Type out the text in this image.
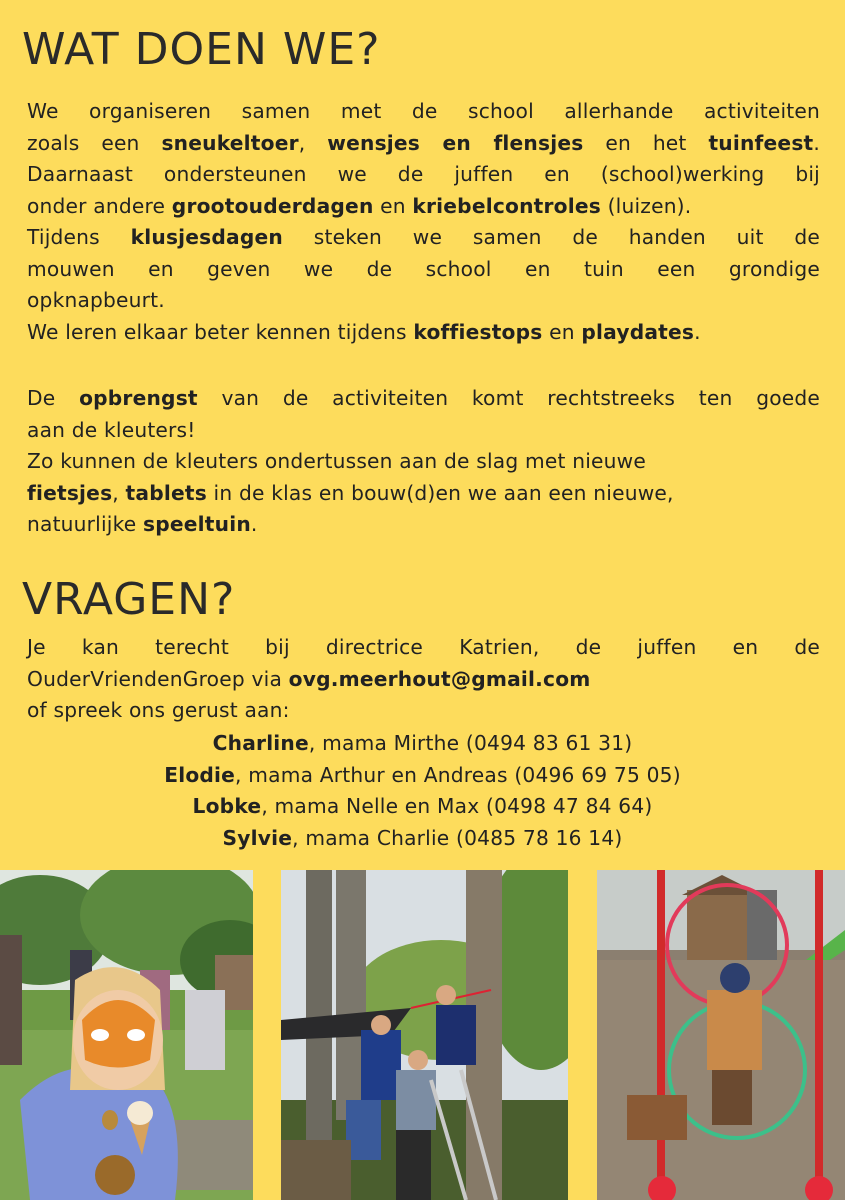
WAT DOEN WE?

We organiseren samen met de school allerhande activiteiten

zoals een sneukeltoer, wensjes en flensjes en het tuinfeest.

Daarnaast ondersteunen we de juffen en (school)werking bij

onder andere grootouderdagen en kriebelcontroles (luizen).

Tijdens klusjesdagen steken we samen de handen uit de

mouwen en geven we de school en tuin een grondige

opknapbeurt.

We leren elkaar beter kennen tijdens koffiestops en playdates.

De opbrengst van de activiteiten komt rechtstreeks ten goede

aan de kleuters!

Zo kunnen de kleuters ondertussen aan de slag met nieuwe

fietsjes, tablets in de klas en bouw(d)en we aan een nieuwe,

natuurlijke speeltuin.

VRAGEN?

Je kan terecht bij directrice Katrien, de juffen en de

OuderVriendenGroep via ovg.meerhout@gmail.com

of spreek ons gerust aan:

Charline, mama Mirthe (0494 83 61 31)
Elodie, mama Arthur en Andreas (0496 69 75 05)
Lobke, mama Nelle en Max (0498 47 84 64)
Sylvie, mama Charlie (0485 78 16 14)
